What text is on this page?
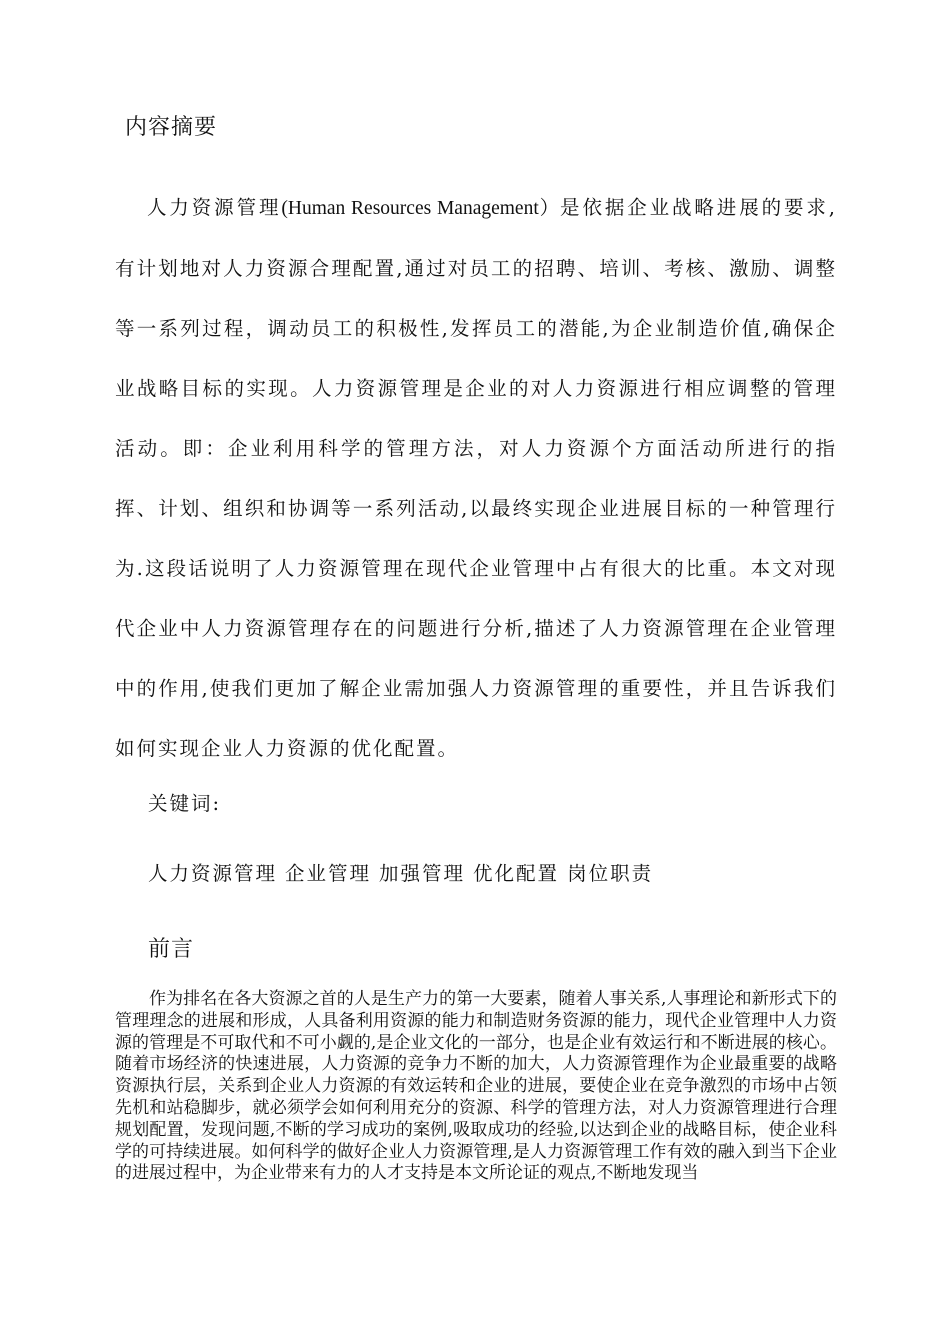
内容摘要

人力资源管理(Human Resources Management）是依据企业战略进展的要求,有计划地对人力资源合理配置,通过对员工的招聘、培训、考核、激励、调整等一系列过程，调动员工的积极性,发挥员工的潜能,为企业制造价值,确保企业战略目标的实现。人力资源管理是企业的对人力资源进行相应调整的管理活动。即：企业利用科学的管理方法，对人力资源个方面活动所进行的指挥、计划、组织和协调等一系列活动,以最终实现企业进展目标的一种管理行为.这段话说明了人力资源管理在现代企业管理中占有很大的比重。本文对现代企业中人力资源管理存在的问题进行分析,描述了人力资源管理在企业管理中的作用,使我们更加了解企业需加强人力资源管理的重要性，并且告诉我们如何实现企业人力资源的优化配置。

关键词:

人力资源管理 企业管理 加强管理 优化配置 岗位职责

前言

作为排名在各大资源之首的人是生产力的第一大要素，随着人事关系,人事理论和新形式下的管理理念的进展和形成，人具备利用资源的能力和制造财务资源的能力，现代企业管理中人力资源的管理是不可取代和不可小觑的,是企业文化的一部分，也是企业有效运行和不断进展的核心。随着市场经济的快速进展，人力资源的竞争力不断的加大，人力资源管理作为企业最重要的战略资源执行层，关系到企业人力资源的有效运转和企业的进展，要使企业在竞争激烈的市场中占领先机和站稳脚步，就必须学会如何利用充分的资源、科学的管理方法，对人力资源管理进行合理规划配置，发现问题,不断的学习成功的案例,吸取成功的经验,以达到企业的战略目标，使企业科学的可持续进展。如何科学的做好企业人力资源管理,是人力资源管理工作有效的融入到当下企业的进展过程中，为企业带来有力的人才支持是本文所论证的观点,不断地发现当
